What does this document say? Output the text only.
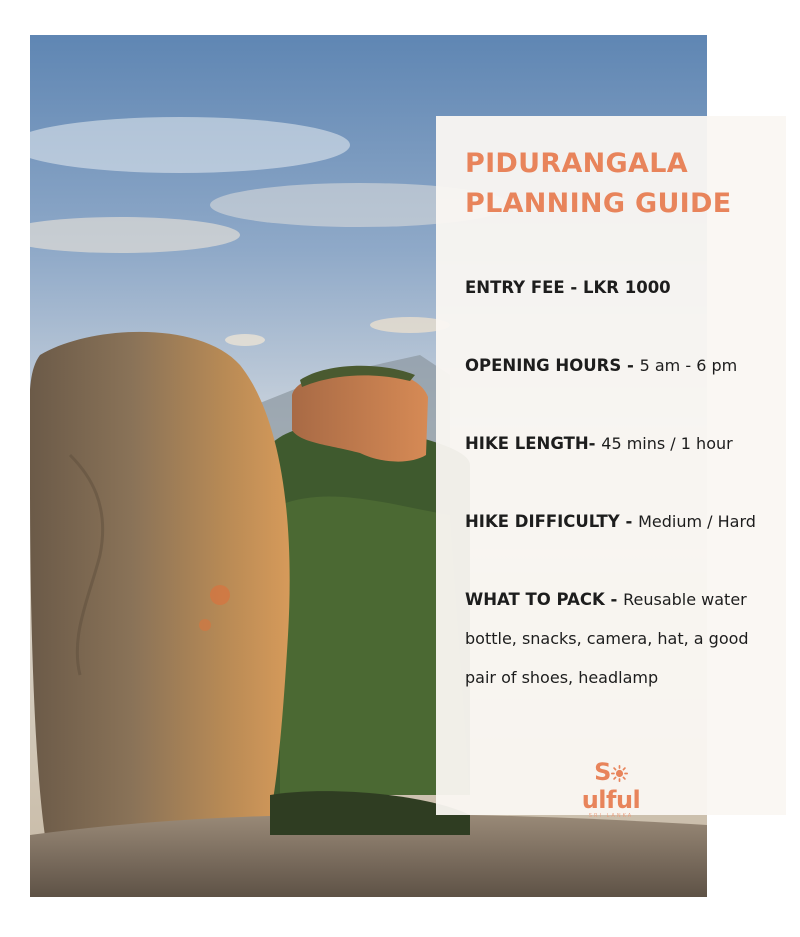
PIDURANGALA
PLANNING GUIDE
ENTRY FEE - LKR 1000
OPENING HOURS - 5 am - 6 pm
HIKE LENGTH- 45 mins / 1 hour
HIKE DIFFICULTY - Medium / Hard
WHAT TO PACK - Reusable water bottle, snacks, camera, hat, a good pair of shoes, headlamp
Sulful
SRI LANKA
